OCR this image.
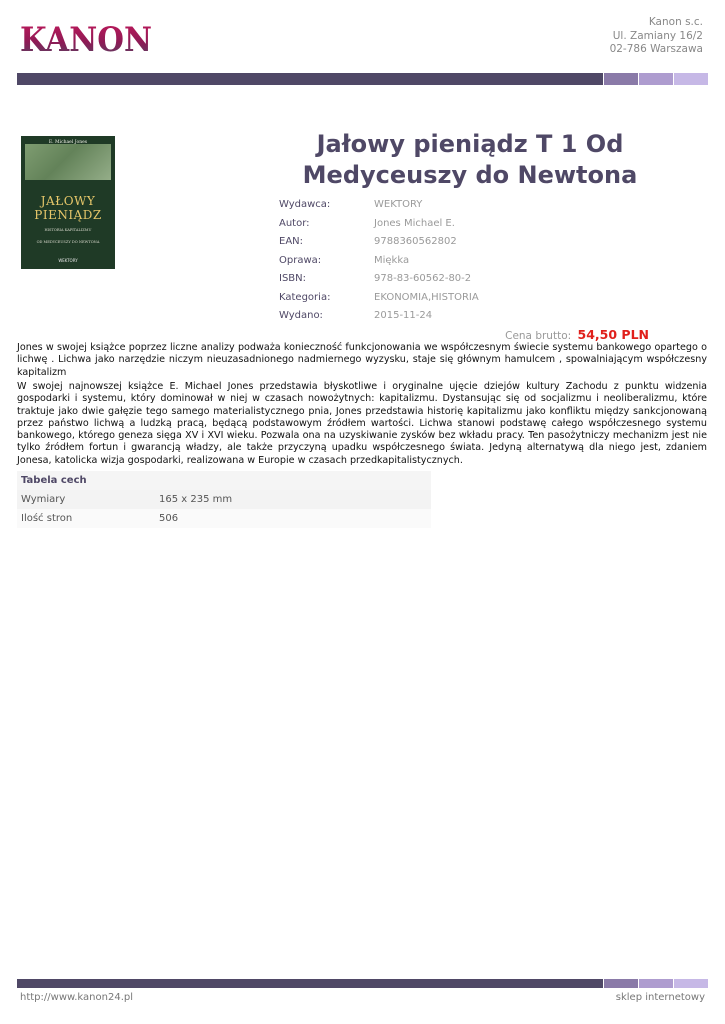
KANON	Kanon s.c.
Ul. Zamiany 16/2
02-786 Warszawa
E. Michael Jones
JAŁOWY
PIENIĄDZ
HISTORIA KAPITALIZMU
OD MEDYCEUSZY DO NEWTONA
WEKTORY
Jałowy pieniądz T 1 Od
Medyceuszy do Newtona
Wydawca:	WEKTORY
Autor:	Jones Michael E.
EAN:	9788360562802
Oprawa:	Miękka
ISBN:	978-83-60562-80-2
Kategoria:	EKONOMIA,HISTORIA
Wydano:	2015-11-24
Cena brutto: 54,50 PLN

Jones w swojej książce poprzez liczne analizy podważa konieczność funkcjonowania we współczesnym świecie systemu bankowego opartego o lichwę . Lichwa jako narzędzie niczym nieuzasadnionego nadmiernego wyzysku, staje się głównym hamulcem , spowalniającym współczesny kapitalizm

W swojej najnowszej książce E. Michael Jones przedstawia błyskotliwe i oryginalne ujęcie dziejów kultury Zachodu z punktu widzenia gospodarki i systemu, który dominował w niej w czasach nowożytnych: kapitalizmu. Dystansując się od socjalizmu i neoliberalizmu, które traktuje jako dwie gałęzie tego samego materialistycznego pnia, Jones przedstawia historię kapitalizmu jako konfliktu między sankcjonowaną przez państwo lichwą a ludzką pracą, będącą podstawowym źródłem wartości. Lichwa stanowi podstawę całego współczesnego systemu bankowego, którego geneza sięga XV i XVI wieku. Pozwala ona na uzyskiwanie zysków bez wkładu pracy. Ten pasożytniczy mechanizm jest nie tylko źródłem fortun i gwarancją władzy, ale także przyczyną upadku współczesnego świata. Jedyną alternatywą dla niego jest, zdaniem Jonesa, katolicka wizja gospodarki, realizowana w Europie w czasach przedkapitalistycznych.

Tabela cech
Wymiary	165 x 235 mm
Ilość stron	506
http://www.kanon24.pl	sklep internetowy
